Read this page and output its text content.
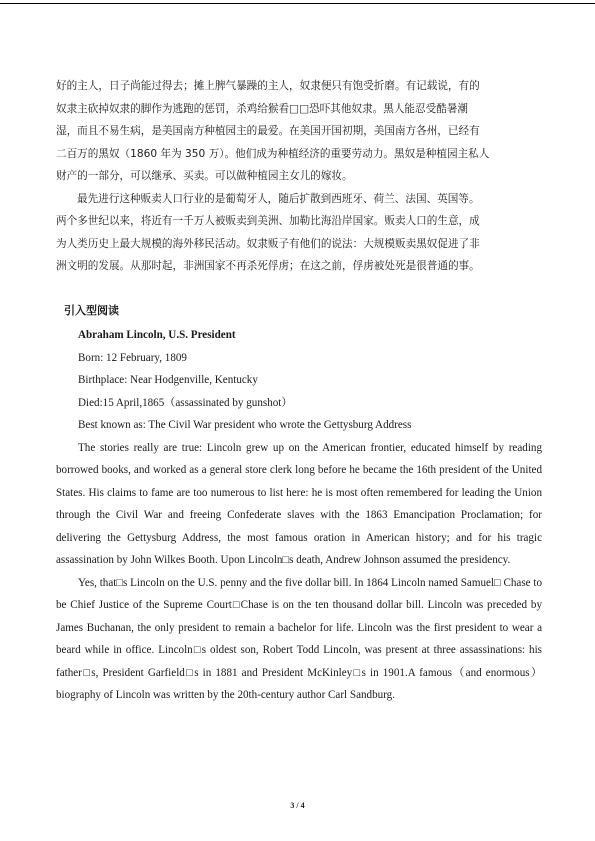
好的主人，日子尚能过得去；摊上脾气暴躁的主人，奴隶便只有饱受折磨。有记载说，有的

奴隶主砍掉奴隶的脚作为逃跑的惩罚，杀鸡给猴看□□恐吓其他奴隶。黑人能忍受酷暑潮

湿，而且不易生病，是美国南方种植园主的最爱。在美国开国初期，美国南方各州，已经有

二百万的黑奴（1860 年为 350 万）。他们成为种植经济的重要劳动力。黑奴是种植园主私人

财产的一部分，可以继承、买卖。可以做种植园主女儿的嫁妆。

最先进行这种贩卖人口行业的是葡萄牙人，随后扩散到西班牙、荷兰、法国、英国等。

两个多世纪以来，将近有一千万人被贩卖到美洲、加勒比海沿岸国家。贩卖人口的生意，成

为人类历史上最大规模的海外移民活动。奴隶贩子有他们的说法：大规模贩卖黑奴促进了非

洲文明的发展。从那时起，非洲国家不再杀死俘虏；在这之前，俘虏被处死是很普通的事。

引入型阅读

Abraham Lincoln, U.S. President

Born: 12 February, 1809

Birthplace: Near Hodgenville, Kentucky

Died:15 April,1865（assassinated by gunshot）

Best known as: The Civil War president who wrote the Gettysburg Address

The stories really are true: Lincoln grew up on the American frontier, educated himself by reading borrowed books, and worked as a general store clerk long before he became the 16th president of the United States. His claims to fame are too numerous to list here: he is most often remembered for leading the Union through the Civil War and freeing Confederate slaves with the 1863 Emancipation Proclamation; for delivering the Gettysburg Address, the most famous oration in American history; and for his tragic assassination by John Wilkes Booth. Upon Lincoln□s death, Andrew Johnson assumed the presidency.

Yes, that□s Lincoln on the U.S. penny and the five dollar bill. In 1864 Lincoln named Samuel□ Chase to be Chief Justice of the Supreme Court□Chase is on the ten thousand dollar bill. Lincoln was preceded by James Buchanan, the only president to remain a bachelor for life. Lincoln was the first president to wear a beard while in office. Lincoln□s oldest son, Robert Todd Lincoln, was present at three assassinations: his father□s, President Garfield□s in 1881 and President McKinley□s in 1901.A famous（and enormous）biography of Lincoln was written by the 20th-century author Carl Sandburg.

3 / 4
